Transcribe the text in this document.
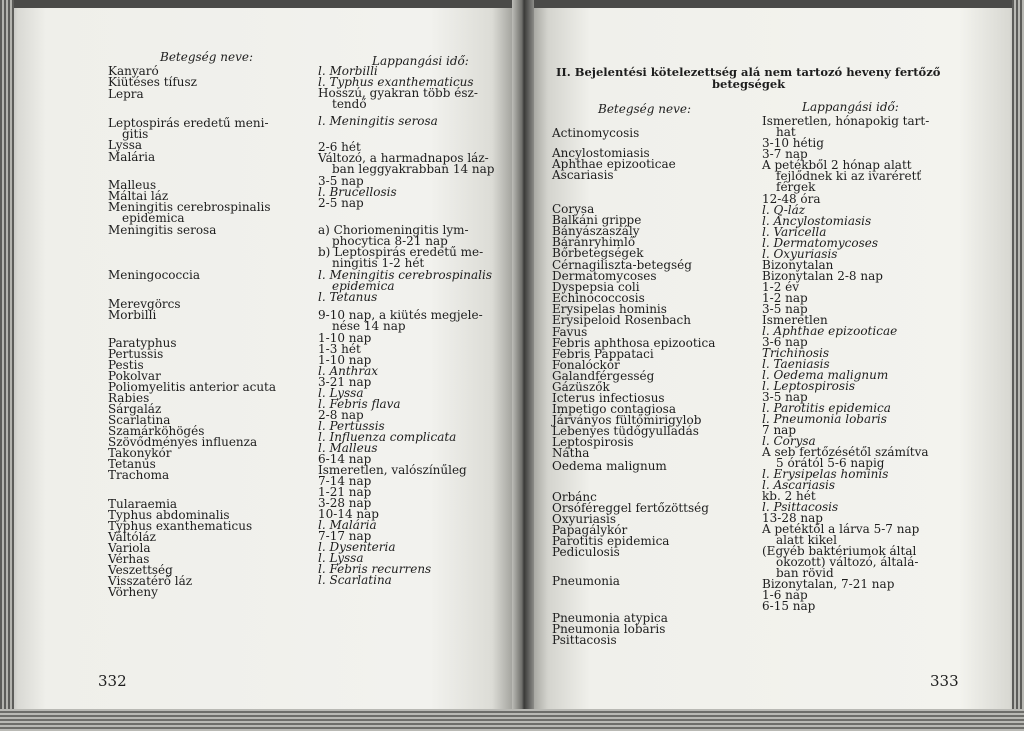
Betegség neve:	Lappangási idő:
Kanyaró
Kiütéses tífusz
Lepra
Leptospirás eredetű meni-
gitis
Lyssa
Malária
Malleus
Máltai láz
Meningitis cerebrospinalis
epidemica
Meningitis serosa
Meningococcia
Merevgörcs
Morbilli
Paratyphus
Pertussis
Pestis
Pokolvar
Poliomyelitis anterior acuta
Rabies
Sárgaláz
Scarlatina
Szamárköhögés
Szövődményes influenza
Takonykór
Tetanus
Trachoma
Tularaemia
Typhus abdominalis
Typhus exanthematicus
Váltóláz
Variola
Vérhas
Veszettség
Visszatérő láz
Vörheny
l. Morbilli
l. Typhus exanthematicus
Hosszú, gyakran több ész-
tendő
l. Meningitis serosa
2-6 hét
Változó, a harmadnapos láz-
ban leggyakrabban 14 nap
3-5 nap
l. Brucellosis
2-5 nap
a) Choriomeningitis lym-
phocytica 8-21 nap
b) Leptospirás eredetű me-
ningitis 1-2 hét
l. Meningitis cerebrospinalis
epidemica
l. Tetanus
9-10 nap, a kiütés megjele-
nése 14 nap
1-10 nap
1-3 hét
1-10 nap
l. Anthrax
3-21 nap
l. Lyssa
l. Febris flava
2-8 nap
l. Pertussis
l. Influenza complicata
l. Malleus
6-14 nap
Ismeretlen, valószínűleg
7-14 nap
1-21 nap
3-28 nap
10-14 nap
l. Malária
7-17 nap
l. Dysenteria
l. Lyssa
l. Febris recurrens
l. Scarlatina
332
II. Bejelentési kötelezettség alá nem tartozó heveny fertőző
betegségek
Betegség neve:	Lappangási idő:
Actinomycosis
Ancylostomiasis
Aphthae epizooticae
Ascariasis
Corysa
Balkáni grippe
Bányászaszály
Báránryhimlő
Bőrbetegségek
Cérnagiliszta-betegség
Dermatomycoses
Dyspepsia coli
Echinococcosis
Erysipelas hominis
Erysipeloid Rosenbach
Favus
Febris aphthosa epizootica
Febris Pappataci
Fonalóckór
Galandférgesség
Gázüszők
Icterus infectiosus
Impetigo contagiosa
Járványos fültőmirigylob
Lebenyes tüdőgyulladás
Leptospirosis
Nátha
Oedema malignum
Orbánc
Orsóféreggel fertőzöttség
Oxyuriasis
Papagálykór
Parotitis epidemica
Pediculosis
Pneumonia
Pneumonia atypica
Pneumonia lobaris
Psittacosis
Ismeretlen, hónapokig tart-
hat
3-10 hétig
3-7 nap
A petékből 2 hónap alatt
fejlődnek ki az ivaréretť
férgek
12-48 óra
l. Q-láz
l. Ancylostomiasis
l. Varicella
l. Dermatomycoses
l. Oxyuriasis
Bizonytalan
Bizonytalan 2-8 nap
1-2 év
1-2 nap
3-5 nap
Ismeretlen
l. Aphthae epizooticae
3-6 nap
Trichinosis
l. Taeniasis
l. Oedema malignum
l. Leptospirosis
3-5 nap
l. Parotitis epidemica
l. Pneumonia lobaris
7 nap
l. Corysa
A seb fertőzésétől számítva
5 órától 5-6 napig
l. Erysipelas hominis
l. Ascariasis
kb. 2 hét
l. Psittacosis
13-28 nap
A petéktől a lárva 5-7 nap
alatt kikel
(Egyéb baktériumok által
okozott) változó, általá-
ban rövid
Bizonytalan, 7-21 nap
1-6 nap
6-15 nap
333
